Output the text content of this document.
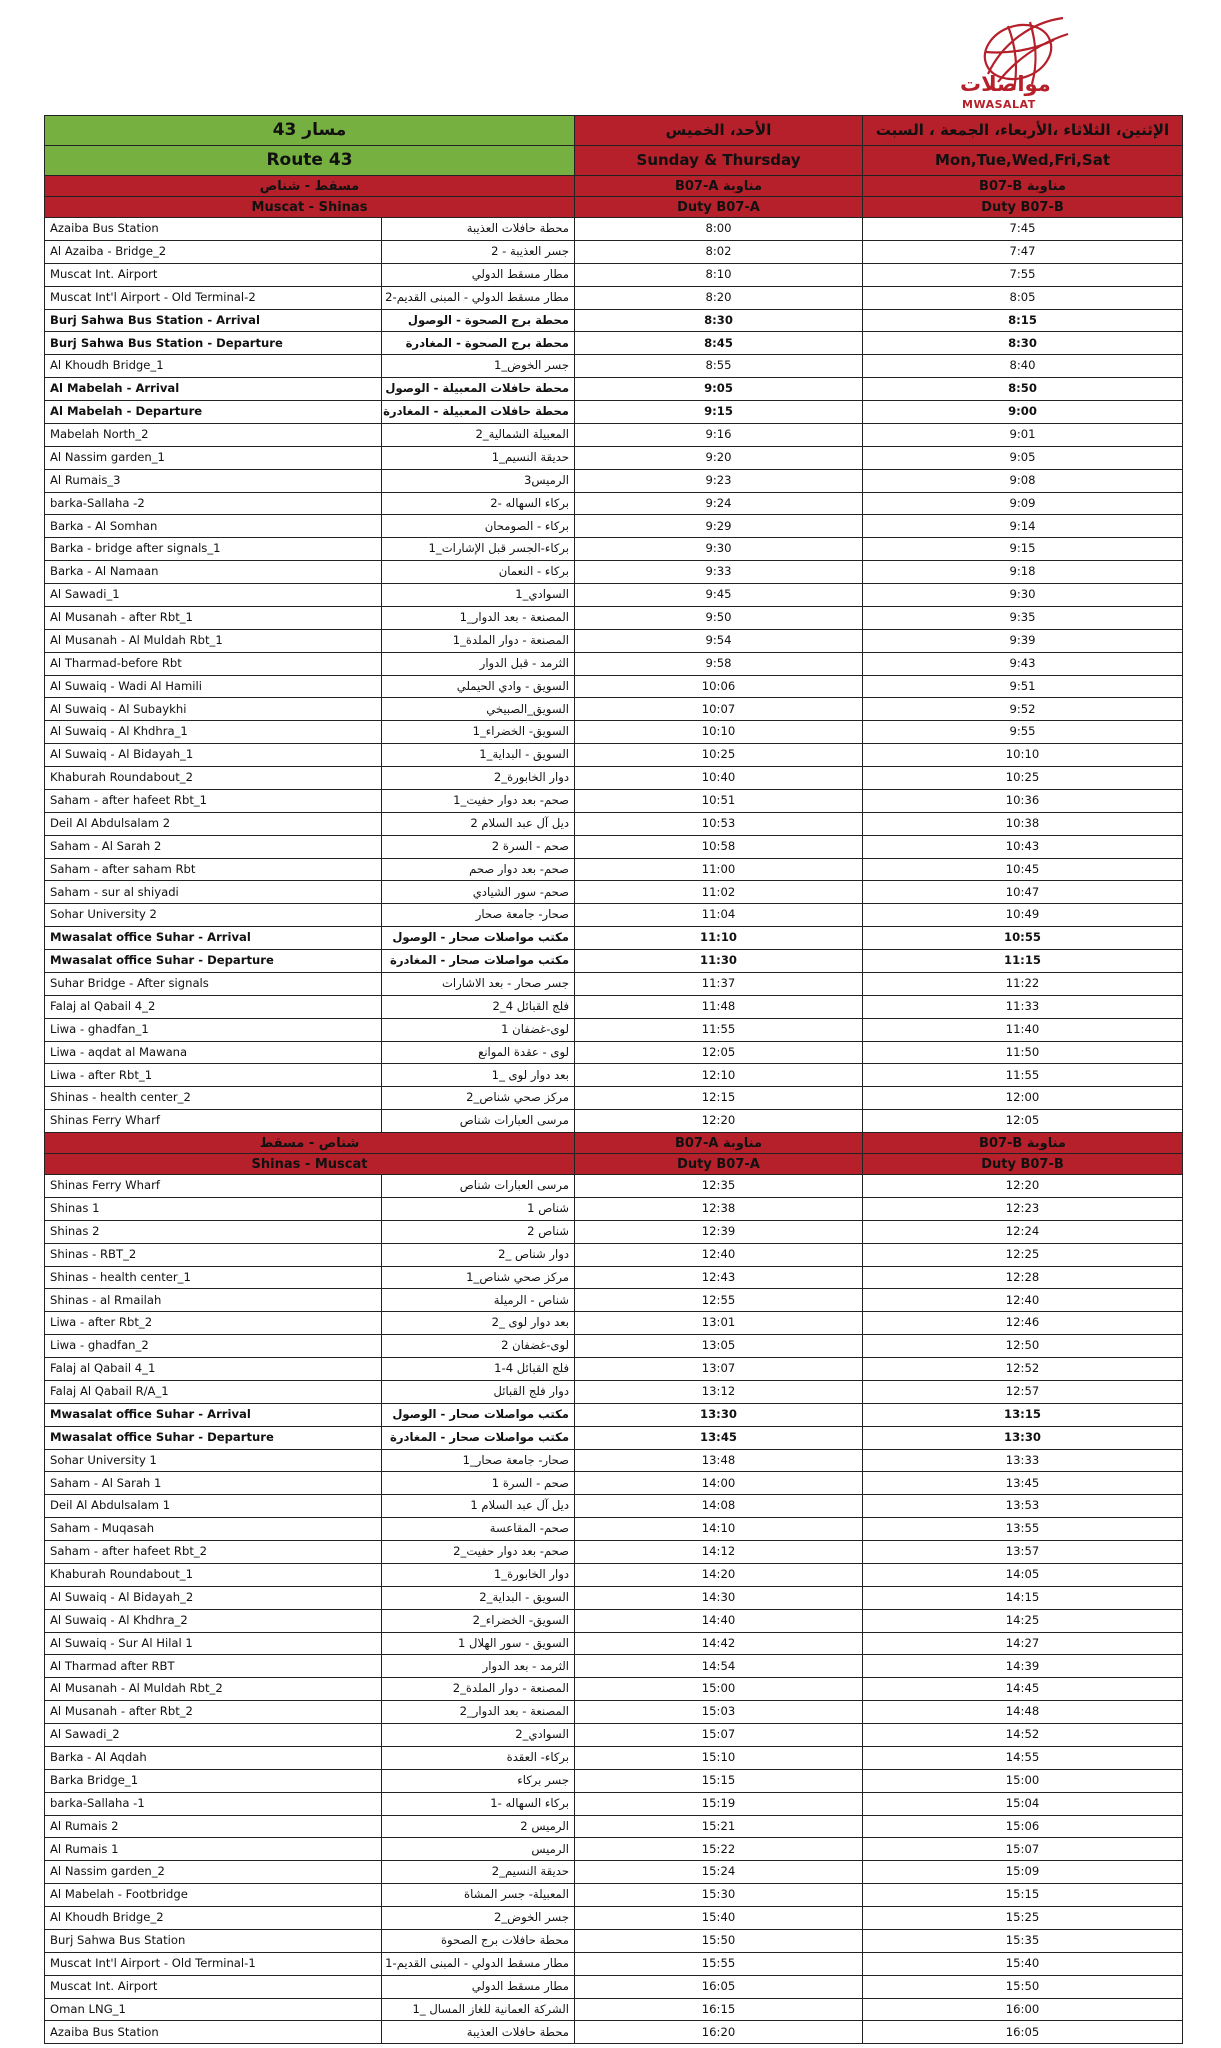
مواصلات
MWASALAT
مسار 43		الأحد، الخميس	الإثنين، الثلاثاء ،الأربعاء، الجمعة ، السبت
Route 43		Sunday & Thursday	Mon,Tue,Wed,Fri,Sat
مسقط - شناص		مناوبة B07-A	مناوبة B07-B
Muscat - Shinas		Duty B07-A	Duty B07-B
Azaiba Bus Station	محطة حافلات العذيبة	8:00	7:45
Al Azaiba - Bridge_2	جسر العذيبة - 2	8:02	7:47
Muscat Int. Airport	مطار مسقط الدولي	8:10	7:55
Muscat Int'l Airport - Old Terminal-2	مطار مسقط الدولي - المبنى القديم-2	8:20	8:05
Burj Sahwa Bus Station - Arrival	محطة برج الصحوة - الوصول	8:30	8:15
Burj Sahwa Bus Station - Departure	محطة برج الصحوة - المغادرة	8:45	8:30
Al Khoudh Bridge_1	جسر الخوض_1	8:55	8:40
Al Mabelah - Arrival	محطة حافلات المعبيلة - الوصول	9:05	8:50
Al Mabelah - Departure	محطة حافلات المعبيلة - المغادرة	9:15	9:00
Mabelah North_2	المعبيلة الشمالية_2	9:16	9:01
Al Nassim garden_1	حديقة النسيم_1	9:20	9:05
Al Rumais_3	الرميس3	9:23	9:08
barka-Sallaha -2	بركاء السهاله -2	9:24	9:09
Barka - Al Somhan	بركاء - الصومحان	9:29	9:14
Barka - bridge after signals_1	بركاء-الجسر قبل الإشارات_1	9:30	9:15
Barka - Al Namaan	بركاء - النعمان	9:33	9:18
Al Sawadi_1	السوادي_1	9:45	9:30
Al Musanah - after Rbt_1	المصنعة - بعد الدوار_1	9:50	9:35
Al Musanah - Al Muldah Rbt_1	المصنعة - دوار الملدة_1	9:54	9:39
Al Tharmad-before Rbt	الثرمد - قبل الدوار	9:58	9:43
Al Suwaiq - Wadi Al Hamili	السويق - وادي الحيملي	10:06	9:51
Al Suwaiq - Al Subaykhi	السويق_الصبيخي	10:07	9:52
Al Suwaiq - Al Khdhra_1	السويق- الخضراء_1	10:10	9:55
Al Suwaiq - Al Bidayah_1	السويق - البداية_1	10:25	10:10
Khaburah Roundabout_2	دوار الخابورة_2	10:40	10:25
Saham - after hafeet Rbt_1	صحم- بعد دوار حفيت_1	10:51	10:36
Deil Al Abdulsalam 2	ديل آل عبد السلام 2	10:53	10:38
Saham - Al Sarah 2	صحم - السرة 2	10:58	10:43
Saham - after saham Rbt	صحم- بعد دوار صحم	11:00	10:45
Saham - sur al shiyadi	صحم- سور الشيادي	11:02	10:47
Sohar University 2	صحار- جامعة صحار	11:04	10:49
Mwasalat office Suhar - Arrival	مكتب مواصلات صحار - الوصول	11:10	10:55
Mwasalat office Suhar - Departure	مكتب مواصلات صحار - المغادرة	11:30	11:15
Suhar Bridge - After signals	جسر صحار - بعد الاشارات	11:37	11:22
Falaj al Qabail 4_2	فلج القبائل 4_2	11:48	11:33
Liwa - ghadfan_1	لوى-غضفان 1	11:55	11:40
Liwa - aqdat al Mawana	لوى - عقدة الموانع	12:05	11:50
Liwa - after Rbt_1	بعد دوار لوى _1	12:10	11:55
Shinas - health center_2	مركز صحي شناص_2	12:15	12:00
Shinas Ferry Wharf	مرسى العبارات شناص	12:20	12:05
شناص - مسقط		مناوبة B07-A	مناوبة B07-B
Shinas - Muscat		Duty B07-A	Duty B07-B
Shinas Ferry Wharf	مرسى العبارات شناص	12:35	12:20
Shinas 1	شناص 1	12:38	12:23
Shinas 2	شناص 2	12:39	12:24
Shinas - RBT_2	دوار شناص _2	12:40	12:25
Shinas - health center_1	مركز صحي شناص_1	12:43	12:28
Shinas - al Rmailah	شناص - الرميلة	12:55	12:40
Liwa - after Rbt_2	بعد دوار لوى _2	13:01	12:46
Liwa - ghadfan_2	لوى-غضفان 2	13:05	12:50
Falaj al Qabail 4_1	فلج القبائل 4-1	13:07	12:52
Falaj Al Qabail R/A_1	دوار فلج القبائل	13:12	12:57
Mwasalat office Suhar - Arrival	مكتب مواصلات صحار - الوصول	13:30	13:15
Mwasalat office Suhar - Departure	مكتب مواصلات صحار - المغادرة	13:45	13:30
Sohar University 1	صحار- جامعة صحار_1	13:48	13:33
Saham - Al Sarah 1	صحم - السرة 1	14:00	13:45
Deil Al Abdulsalam 1	ديل آل عبد السلام 1	14:08	13:53
Saham - Muqasah	صحم- المقاعسة	14:10	13:55
Saham - after hafeet Rbt_2	صحم- بعد دوار حفيت_2	14:12	13:57
Khaburah Roundabout_1	دوار الخابورة_1	14:20	14:05
Al Suwaiq - Al Bidayah_2	السويق - البداية_2	14:30	14:15
Al Suwaiq - Al Khdhra_2	السويق- الخضراء_2	14:40	14:25
Al Suwaiq - Sur Al Hilal 1	السويق - سور الهلال 1	14:42	14:27
Al Tharmad after RBT	الثرمد - بعد الدوار	14:54	14:39
Al Musanah - Al Muldah Rbt_2	المصنعة - دوار الملدة_2	15:00	14:45
Al Musanah - after Rbt_2	المصنعة - بعد الدوار_2	15:03	14:48
Al Sawadi_2	السوادي_2	15:07	14:52
Barka - Al Aqdah	بركاء- العقدة	15:10	14:55
Barka Bridge_1	جسر بركاء	15:15	15:00
barka-Sallaha -1	بركاء السهاله -1	15:19	15:04
Al Rumais 2	الرميس 2	15:21	15:06
Al Rumais 1	الرميس	15:22	15:07
Al Nassim garden_2	حديقة النسيم_2	15:24	15:09
Al Mabelah - Footbridge	المعبيلة- جسر المشاة	15:30	15:15
Al Khoudh Bridge_2	جسر الخوض_2	15:40	15:25
Burj Sahwa Bus Station	محطة حافلات برج الصحوة	15:50	15:35
Muscat Int'l Airport - Old Terminal-1	مطار مسقط الدولي - المبنى القديم-1	15:55	15:40
Muscat Int. Airport	مطار مسقط الدولي	16:05	15:50
Oman LNG_1	الشركة العمانية للغاز المسال _1	16:15	16:00
Azaiba Bus Station	محطة حافلات العذيبة	16:20	16:05
